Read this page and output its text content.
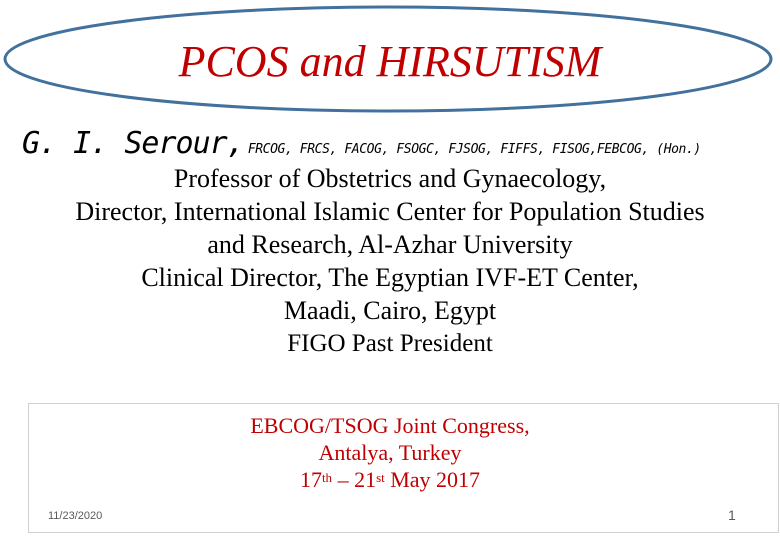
PCOS and HIRSUTISM
G. I. Serour, FRCOG, FRCS, FACOG, FSOGC, FJSOG, FIFFS, FISOG,FEBCOG, (Hon.)
Professor of Obstetrics and Gynaecology,
Director, International Islamic Center for Population Studies
and Research, Al-Azhar University
Clinical Director, The Egyptian IVF-ET Center,
Maadi, Cairo, Egypt
FIGO Past President
EBCOG/TSOG Joint Congress,
Antalya, Turkey
17th – 21st May 2017
11/23/2020	1
